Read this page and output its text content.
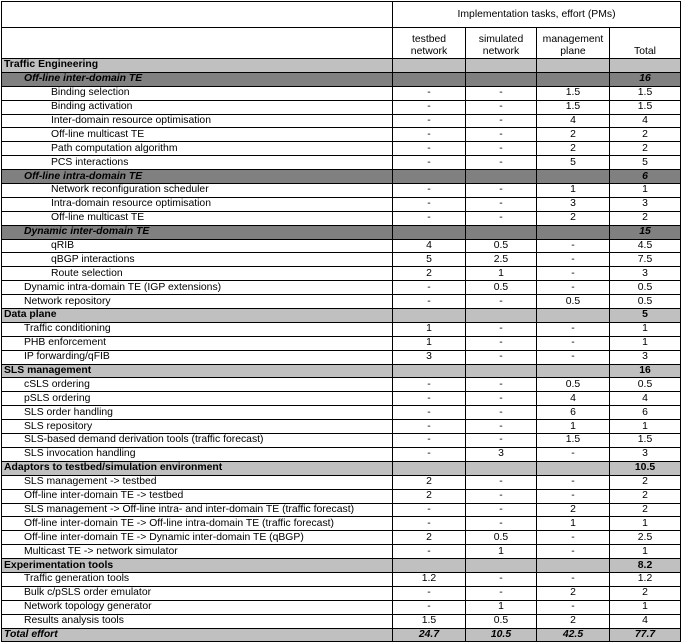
	Implementation tasks, effort (PMs)			
	testbed network	simulated network	management plane	Total
Traffic Engineering				
Off-line inter-domain TE				16
Binding selection	-	-	1.5	1.5
Binding activation	-	-	1.5	1.5
Inter-domain resource optimisation	-	-	4	4
Off-line multicast TE	-	-	2	2
Path computation algorithm	-	-	2	2
PCS interactions	-	-	5	5
Off-line intra-domain TE				6
Network reconfiguration scheduler	-	-	1	1
Intra-domain resource optimisation	-	-	3	3
Off-line multicast TE	-	-	2	2
Dynamic inter-domain TE				15
qRIB	4	0.5	-	4.5
qBGP interactions	5	2.5	-	7.5
Route selection	2	1	-	3
Dynamic intra-domain TE (IGP extensions)	-	0.5	-	0.5
Network repository	-	-	0.5	0.5
Data plane				5
Traffic conditioning	1	-	-	1
PHB enforcement	1	-	-	1
IP forwarding/qFIB	3	-	-	3
SLS management				16
cSLS ordering	-	-	0.5	0.5
pSLS ordering	-	-	4	4
SLS order handling	-	-	6	6
SLS repository	-	-	1	1
SLS-based demand derivation tools (traffic forecast)	-	-	1.5	1.5
SLS invocation handling	-	3	-	3
Adaptors to testbed/simulation environment				10.5
SLS management -> testbed	2	-	-	2
Off-line inter-domain TE -> testbed	2	-	-	2
SLS management -> Off-line intra- and inter-domain TE (traffic forecast)	-	-	2	2
Off-line inter-domain TE -> Off-line intra-domain TE (traffic forecast)	-	-	1	1
Off-line inter-domain TE -> Dynamic inter-domain TE (qBGP)	2	0.5	-	2.5
Multicast TE -> network simulator	-	1	-	1
Experimentation tools				8.2
Traffic generation tools	1.2	-	-	1.2
Bulk c/pSLS order emulator	-	-	2	2
Network topology generator	-	1	-	1
Results analysis tools	1.5	0.5	2	4
Total effort	24.7	10.5	42.5	77.7
